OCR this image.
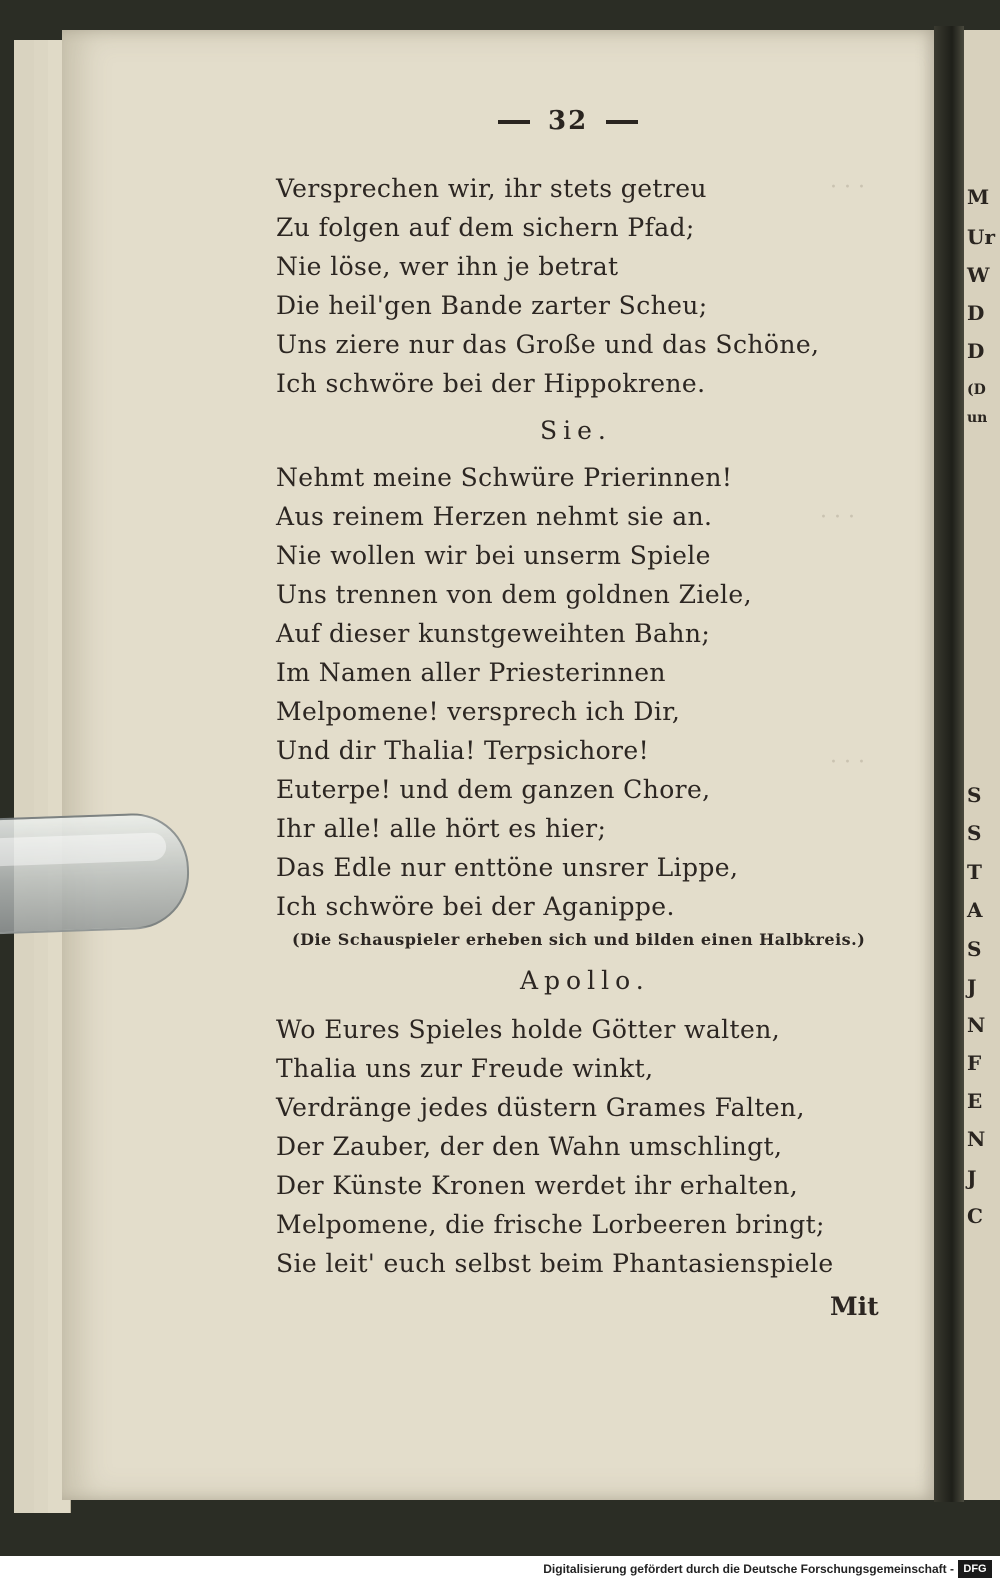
· · ·
· · ·
· · ·
M
Ur
W
D
D
(D
un
S
S
T
A
S
J
N
F
E
N
J
C
32
Versprechen wir, ihr stets getreu
Zu folgen auf dem sichern Pfad;
Nie löse, wer ihn je betrat
Die heil'gen Bande zarter Scheu;
Uns ziere nur das Große und das Schöne,
Ich schwöre bei der Hippokrene.
Sie.
Nehmt meine Schwüre Prierinnen!
Aus reinem Herzen nehmt sie an.
Nie wollen wir bei unserm Spiele
Uns trennen von dem goldnen Ziele,
Auf dieser kunstgeweihten Bahn;
Im Namen aller Priesterinnen
Melpomene! versprech ich Dir,
Und dir Thalia! Terpsichore!
Euterpe! und dem ganzen Chore,
Ihr alle! alle hört es hier;
Das Edle nur enttöne unsrer Lippe,
Ich schwöre bei der Aganippe.
(Die Schauspieler erheben sich und bilden einen Halbkreis.)
Apollo.
Wo Eures Spieles holde Götter walten,
Thalia uns zur Freude winkt,
Verdränge jedes düstern Grames Falten,
Der Zauber, der den Wahn umschlingt,
Der Künste Kronen werdet ihr erhalten,
Melpomene, die frische Lorbeeren bringt;
Sie leit' euch selbst beim Phantasienspiele
Mit
Digitalisierung gefördert durch die Deutsche Forschungsgemeinschaft - DFG
